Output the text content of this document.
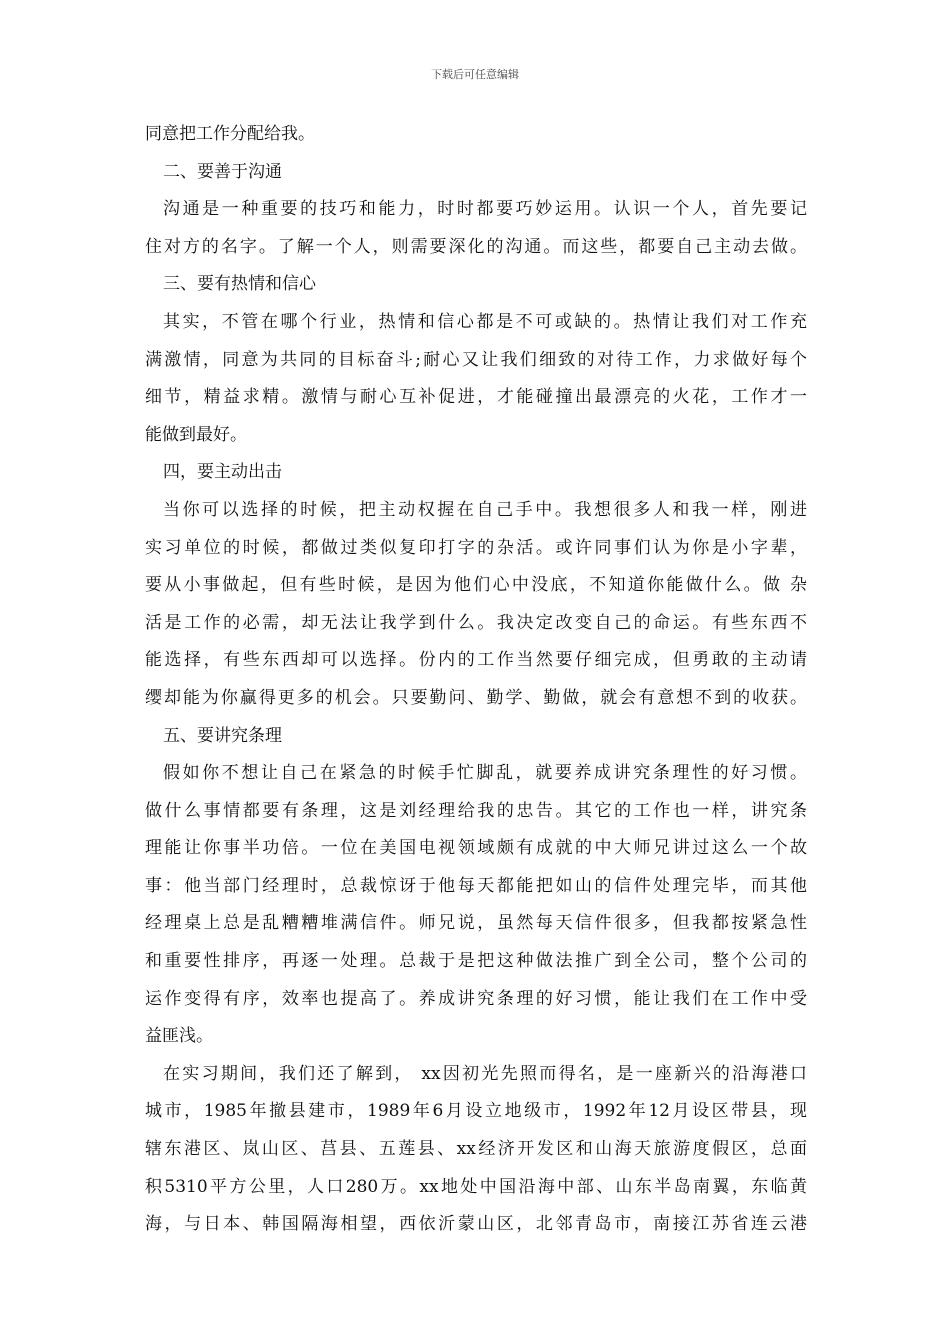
下载后可任意编辑
同意把工作分配给我。
二、要善于沟通
沟通是一种重要的技巧和能力，时时都要巧妙运用。认识一个人，首先要记
住对方的名字。了解一个人，则需要深化的沟通。而这些，都要自己主动去做。
三、要有热情和信心
其实，不管在哪个行业，热情和信心都是不可或缺的。热情让我们对工作充
满激情，同意为共同的目标奋斗;耐心又让我们细致的对待工作，力求做好每个
细节，精益求精。激情与耐心互补促进，才能碰撞出最漂亮的火花，工作才一
能做到最好。
四，要主动出击
当你可以选择的时候，把主动权握在自己手中。我想很多人和我一样，刚进
实习单位的时候，都做过类似复印打字的杂活。或许同事们认为你是小字辈，
要从小事做起，但有些时候，是因为他们心中没底，不知道你能做什么。做 杂
活是工作的必需，却无法让我学到什么。我决定改变自己的命运。有些东西不
能选择，有些东西却可以选择。份内的工作当然要仔细完成，但勇敢的主动请
缨却能为你赢得更多的机会。只要勤问、勤学、勤做，就会有意想不到的收获。
五、要讲究条理
假如你不想让自己在紧急的时候手忙脚乱，就要养成讲究条理性的好习惯。
做什么事情都要有条理，这是刘经理给我的忠告。其它的工作也一样，讲究条
理能让你事半功倍。一位在美国电视领域颇有成就的中大师兄讲过这么一个故
事：他当部门经理时，总裁惊讶于他每天都能把如山的信件处理完毕，而其他
经理桌上总是乱糟糟堆满信件。师兄说，虽然每天信件很多，但我都按紧急性
和重要性排序，再逐一处理。总裁于是把这种做法推广到全公司，整个公司的
运作变得有序，效率也提高了。养成讲究条理的好习惯，能让我们在工作中受
益匪浅。
在实习期间，我们还了解到， xx因初光先照而得名，是一座新兴的沿海港口
城市，1985年撤县建市，1989年6月设立地级市，1992年12月设区带县，现
辖东港区、岚山区、莒县、五莲县、xx经济开发区和山海天旅游度假区，总面
积5310平方公里，人口280万。xx地处中国沿海中部、山东半岛南翼，东临黄
海，与日本、韩国隔海相望，西依沂蒙山区，北邻青岛市，南接江苏省连云港
